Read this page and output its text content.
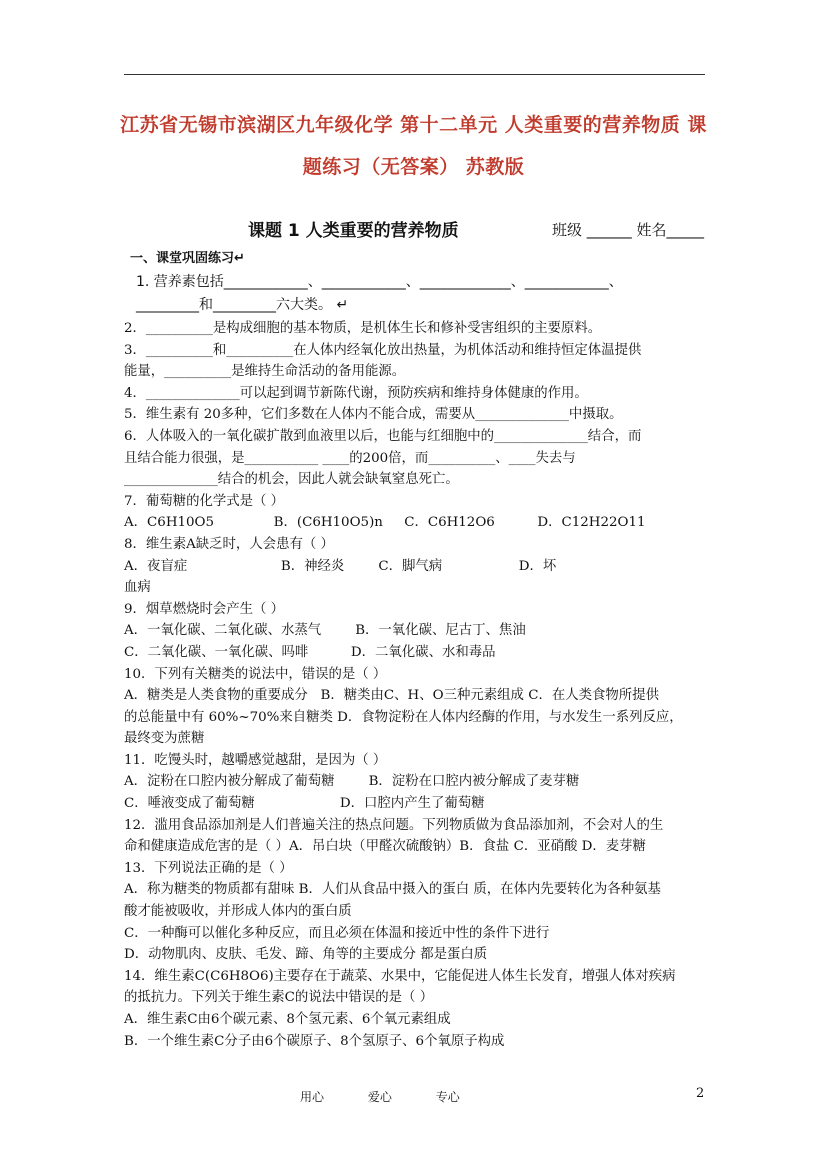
江苏省无锡市滨湖区九年级化学 第十二单元 人类重要的营养物质 课
题练习（无答案） 苏教版
课题 1 人类重要的营养物质	班级 ______ 姓名_____
一、课堂巩固练习↵
1. 营养素包括____________、____________、_____________、____________、
_________和_________六大类。 ↵
2．__________是构成细胞的基本物质，是机体生长和修补受害组织的主要原料。
3．__________和__________在人体内经氧化放出热量，为机体活动和维持恒定体温提供
能量，__________是维持生命活动的备用能源。
4．______________可以起到调节新陈代谢，预防疾病和维持身体健康的作用。
5．维生素有 20多种，它们多数在人体内不能合成，需要从______________中摄取。
6．人体吸入的一氧化碳扩散到血液里以后，也能与红细胞中的______________结合，而
且结合能力很强，是___________ ____的200倍，而__________、____失去与
______________结合的机会，因此人就会缺氧窒息死亡。
7．葡萄糖的化学式是（ ）
A．C6H10O5              B．(C6H10O5)n     C．C6H12O6          D．C12H22O11
8．维生素A缺乏时，人会患有（ ）
A．夜盲症                      B．神经炎        C．脚气病                  D．坏
血病
9．烟草燃烧时会产生（ ）
A．一氧化碳、二氧化碳、水蒸气        B．一氧化碳、尼古丁、焦油
C．二氧化碳、一氧化碳、吗啡          D．二氧化碳、水和毒品
10．下列有关糖类的说法中，错误的是（ ）
A．糖类是人类食物的重要成分   B．糖类由C、H、O三种元素组成 C．在人类食物所提供
的总能量中有 60%~70%来自糖类 D．食物淀粉在人体内经酶的作用，与水发生一系列反应，
最终变为蔗糖
11．吃馒头时，越嚼感觉越甜，是因为（ ）
A．淀粉在口腔内被分解成了葡萄糖        B．淀粉在口腔内被分解成了麦芽糖
C．唾液变成了葡萄糖                    D．口腔内产生了葡萄糖
12．滥用食品添加剂是人们普遍关注的热点问题。下列物质做为食品添加剂，不会对人的生
命和健康造成危害的是（ ）A．吊白块（甲醛次硫酸钠）B．食盐 C．亚硝酸 D．麦芽糖
13．下列说法正确的是（ ）
A．称为糖类的物质都有甜味 B．人们从食品中摄入的蛋白 质，在体内先要转化为各种氨基
酸才能被吸收，并形成人体内的蛋白质
C．一种酶可以催化多种反应，而且必须在体温和接近中性的条件下进行
D．动物肌肉、皮肤、毛发、蹄、角等的主要成分 都是蛋白质
14．维生素C(C6H8O6)主要存在于蔬菜、水果中，它能促进人体生长发育，增强人体对疾病
的抵抗力。下列关于维生素C的说法中错误的是（ ）
A．维生素C由6个碳元素、8个氢元素、6个氧元素组成
B．一个维生素C分子由6个碳原子、8个氢原子、6个氧原子构成
用心	爱心	专心	2
